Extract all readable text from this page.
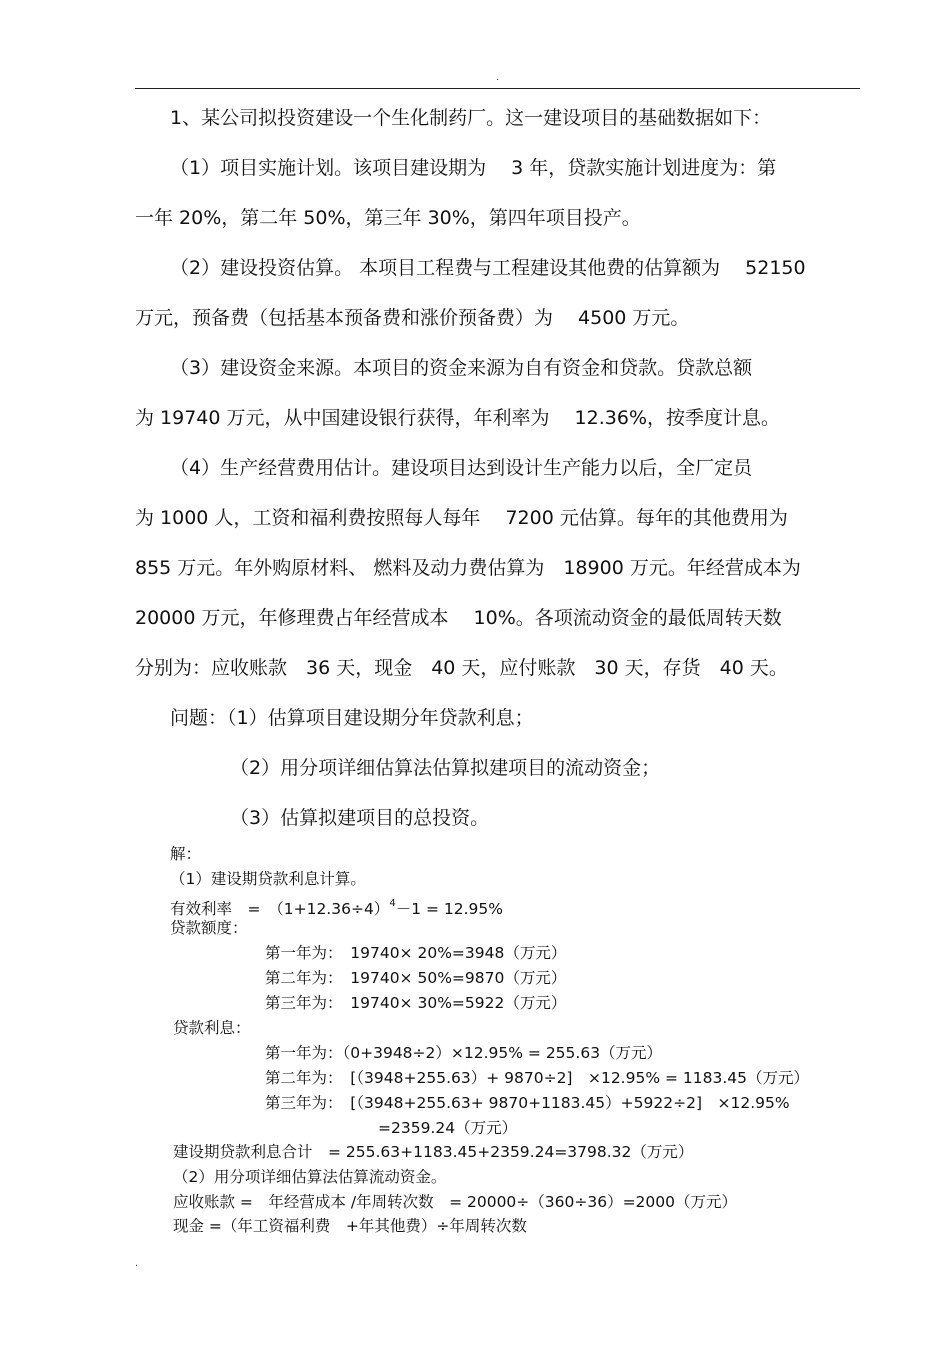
.
1、某公司拟投资建设一个生化制药厂。这一建设项目的基础数据如下：
（1）项目实施计划。该项目建设期为　 3 年，贷款实施计划进度为：第
一年 20%，第二年 50%，第三年 30%，第四年项目投产。
（2）建设投资估算。 本项目工程费与工程建设其他费的估算额为　 52150
万元，预备费（包括基本预备费和涨价预备费）为　 4500 万元。
（3）建设资金来源。本项目的资金来源为自有资金和贷款。贷款总额
为 19740 万元，从中国建设银行获得，年利率为　 12.36%，按季度计息。
（4）生产经营费用估计。建设项目达到设计生产能力以后，全厂定员
为 1000 人，工资和福利费按照每人每年　 7200 元估算。每年的其他费用为
855 万元。年外购原材料、 燃料及动力费估算为　18900 万元。年经营成本为
20000 万元，年修理费占年经营成本　 10%。各项流动资金的最低周转天数
分别为：应收账款　36 天，现金　40 天，应付账款　30 天，存货　40 天。
问题：（1）估算项目建设期分年贷款利息；
（2）用分项详细估算法估算拟建项目的流动资金；
（3）估算拟建项目的总投资。
解：
（1）建设期贷款利息计算。
有效利率　=　$(1+12.36\div 4)^4-1 = 12.95\%$
贷款额度：
第一年为：　19740× 20%=3948（万元）
第二年为：　19740× 50%=9870（万元）
第三年为：　19740× 30%=5922（万元）
贷款利息：
第一年为：（0+3948÷2）×12.95% = 255.63（万元）
第二年为：　[（3948+255.63）+ 9870÷2]　×12.95% = 1183.45（万元）
第三年为：　[（3948+255.63+ 9870+1183.45）+5922÷2]　×12.95%
=2359.24（万元）
建设期贷款利息合计　= 255.63+1183.45+2359.24=3798.32（万元）
（2）用分项详细估算法估算流动资金。
应收账款 =　年经营成本 /年周转次数　= 20000÷（360÷36）=2000（万元）
现金 =（年工资福利费　+年其他费）÷年周转次数
.
